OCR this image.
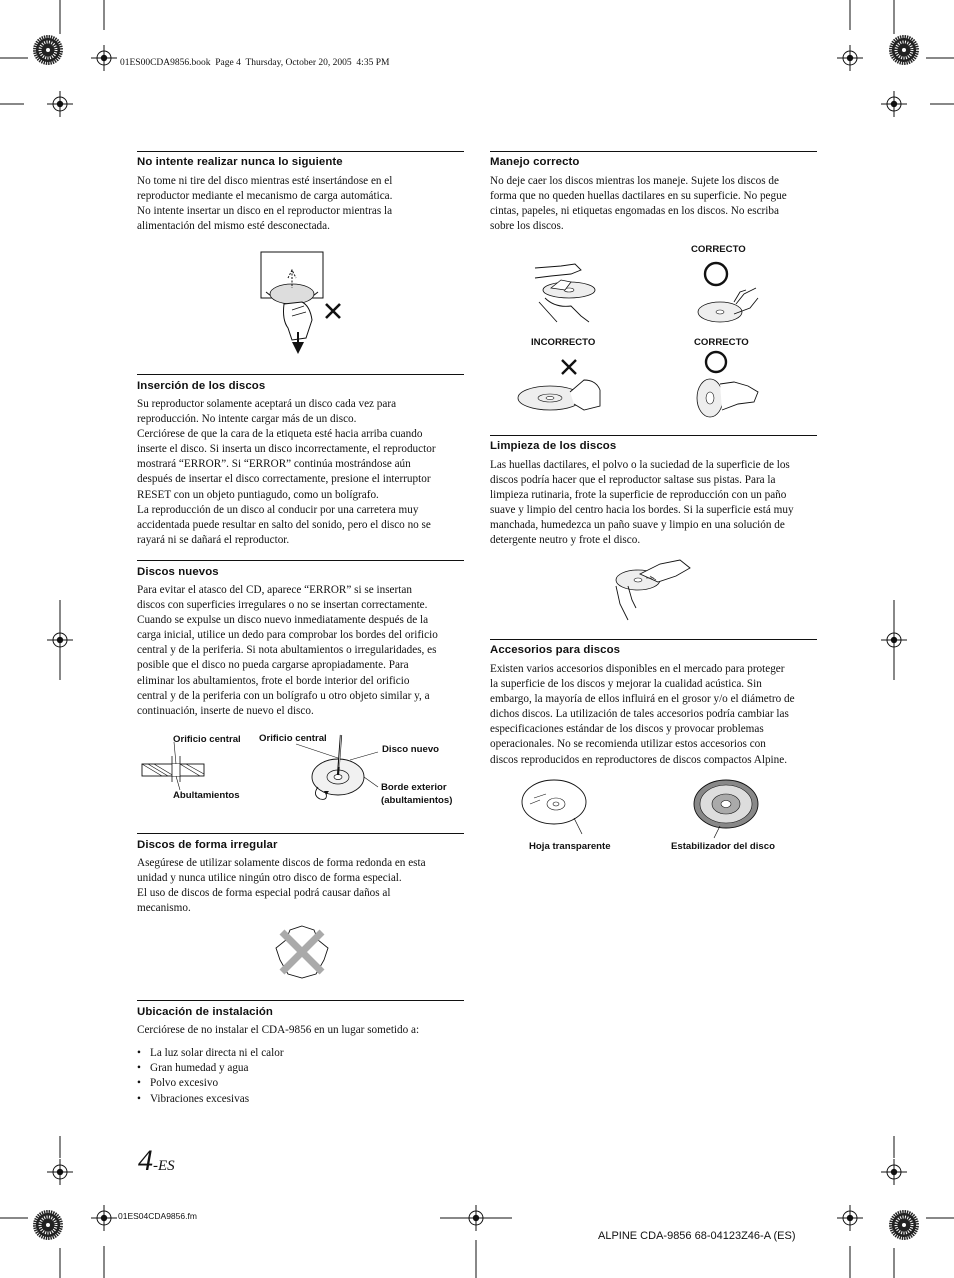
01ES00CDA9856.book  Page 4  Thursday, October 20, 2005  4:35 PM
No intente realizar nunca lo siguiente
No tome ni tire del disco mientras esté insertándose en el
reproductor mediante el mecanismo de carga automática.
No intente insertar un disco en el reproductor mientras la
alimentación del mismo esté desconectada.
Inserción de los discos
Su reproductor solamente aceptará un disco cada vez para
reproducción. No intente cargar más de un disco.
Cerciórese de que la cara de la etiqueta esté hacia arriba cuando
inserte el disco. Si inserta un disco incorrectamente, el reproductor
mostrará “ERROR”. Si “ERROR” continúa mostrándose aún
después de insertar el disco correctamente, presione el interruptor
RESET con un objeto puntiagudo, como un bolígrafo.
La reproducción de un disco al conducir por una carretera muy
accidentada puede resultar en salto del sonido, pero el disco no se
rayará ni se dañará el reproductor.
Discos nuevos
Para evitar el atasco del CD, aparece “ERROR” si se insertan
discos con superficies irregulares o no se insertan correctamente.
Cuando se expulse un disco nuevo inmediatamente después de la
carga inicial, utilice un dedo para comprobar los bordes del orificio
central y de la periferia. Si nota abultamientos o irregularidades, es
posible que el disco no pueda cargarse apropiadamente. Para
eliminar los abultamientos, frote el borde interior del orificio
central y de la periferia con un bolígrafo u otro objeto similar y, a
continuación, inserte de nuevo el disco.
Orificio central Orificio central
Disco nuevo
Abultamientos
Borde exterior
(abultamientos)
Discos de forma irregular
Asegúrese de utilizar solamente discos de forma redonda en esta
unidad y nunca utilice ningún otro disco de forma especial.
El uso de discos de forma especial podrá causar daños al
mecanismo.
Ubicación de instalación
Cerciórese de no instalar el CDA-9856 en un lugar sometido a:
• La luz solar directa ni el calor
• Gran humedad y agua
• Polvo excesivo
• Vibraciones excesivas
Manejo correcto
No deje caer los discos mientras los maneje. Sujete los discos de
forma que no queden huellas dactilares en su superficie. No pegue
cintas, papeles, ni etiquetas engomadas en los discos. No escriba
sobre los discos.
CORRECTO
INCORRECTO	CORRECTO
Limpieza de los discos
Las huellas dactilares, el polvo o la suciedad de la superficie de los
discos podría hacer que el reproductor saltase sus pistas. Para la
limpieza rutinaria, frote la superficie de reproducción con un paño
suave y limpio del centro hacia los bordes. Si la superficie está muy
manchada, humedezca un paño suave y limpio en una solución de
detergente neutro y frote el disco.
Accesorios para discos
Existen varios accesorios disponibles en el mercado para proteger
la superficie de los discos y mejorar la cualidad acústica. Sin
embargo, la mayoría de ellos influirá en el grosor y/o el diámetro de
dichos discos. La utilización de tales accesorios podría cambiar las
especificaciones estándar de los discos y provocar problemas
operacionales. No se recomienda utilizar estos accesorios con
discos reproducidos en reproductores de discos compactos Alpine.
Hoja transparente	Estabilizador del disco
4-ES
01ES04CDA9856.fm
ALPINE CDA-9856 68-04123Z46-A (ES)
